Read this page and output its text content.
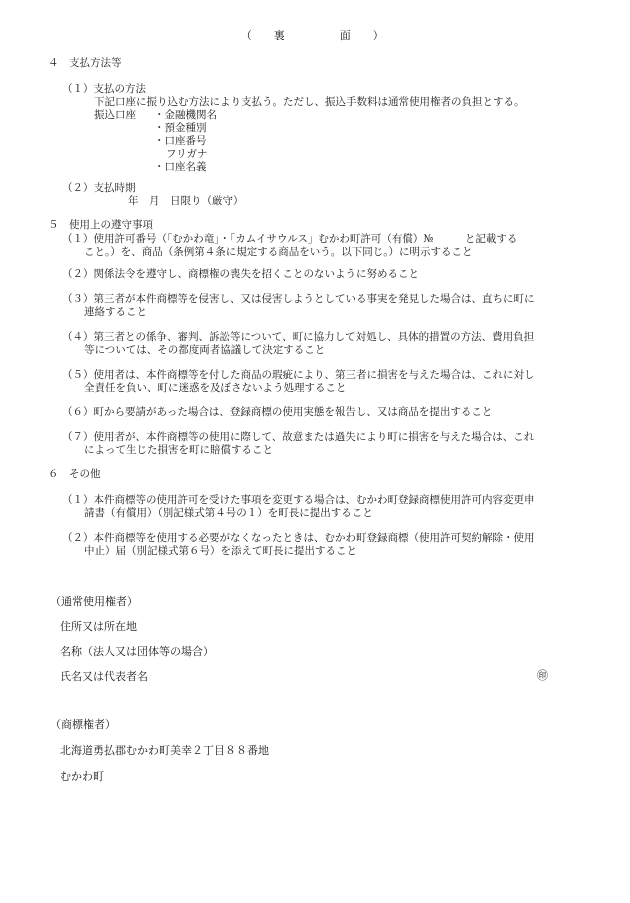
（　裏　　　面　）
４　支払方法等
（１）支払の方法
下記口座に振り込む方法により支払う。ただし、振込手数料は通常使用権者の負担とする。
振込口座 ・金融機関名
・預金種別
・口座番号
フリガナ
・口座名義
（２）支払時期
年　月　日限り（厳守）
５　使用上の遵守事項
（１）使用許可番号（「むかわ竜」・「カムイサウルス」むかわ町許可（有償）№　　　と記載する
こと。）を、商品（条例第４条に規定する商品をいう。以下同じ。）に明示すること
（２）関係法令を遵守し、商標権の喪失を招くことのないように努めること
（３）第三者が本件商標等を侵害し、又は侵害しようとしている事実を発見した場合は、直ちに町に
連絡すること
（４）第三者との係争、審判、訴訟等について、町に協力して対処し、具体的措置の方法、費用負担
等については、その都度両者協議して決定すること
（５）使用者は、本件商標等を付した商品の瑕疵により、第三者に損害を与えた場合は、これに対し
全責任を負い、町に迷惑を及ぼさないよう処理すること
（６）町から要請があった場合は、登録商標の使用実態を報告し、又は商品を提出すること
（７）使用者が、本件商標等の使用に際して、故意または過失により町に損害を与えた場合は、これ
によって生じた損害を町に賠償すること
６　その他
（１）本件商標等の使用許可を受けた事項を変更する場合は、むかわ町登録商標使用許可内容変更申
請書（有償用）（別記様式第４号の１）を町長に提出すること
（２）本件商標等を使用する必要がなくなったときは、むかわ町登録商標（使用許可契約解除・使用
中止）届（別記様式第６号）を添えて町長に提出すること
（通常使用権者）
住所又は所在地
名称（法人又は団体等の場合）
氏名又は代表者名	㊞
（商標権者）
北海道勇払郡むかわ町美幸２丁目８８番地
むかわ町
